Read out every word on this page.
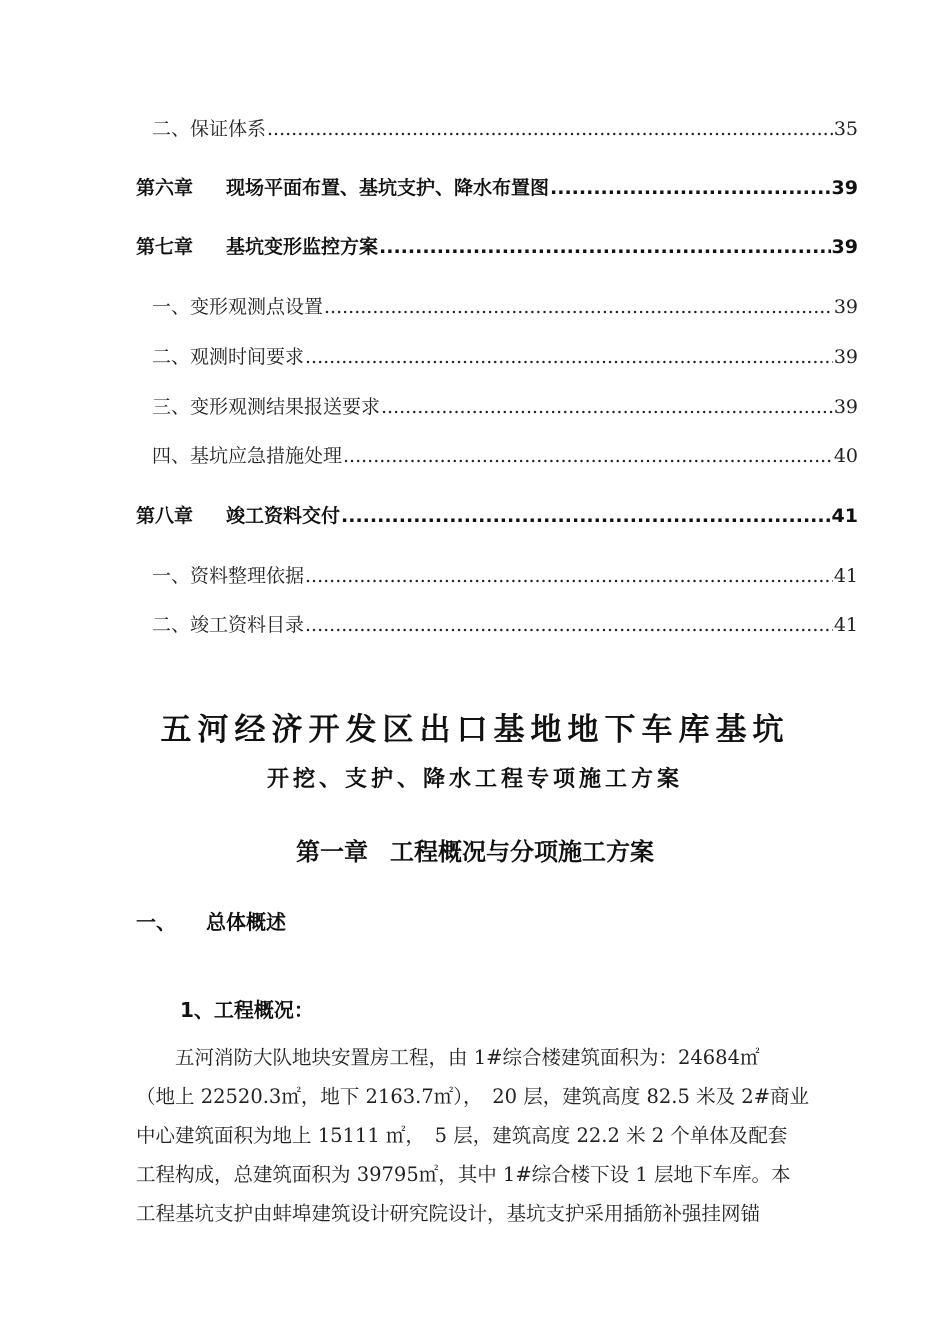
二、保证体系 .....	35
第六章 现场平面布置、基坑支护、降水布置图 .....	39
第七章 基坑变形监控方案 .....	39
一、变形观测点设置 .....	39
二、观测时间要求 .....	39
三、变形观测结果报送要求 .....	39
四、基坑应急措施处理 .....	40
第八章 竣工资料交付 .....	41
一、资料整理依据 .....	41
二、竣工资料目录 .....	41
五河经济开发区出口基地地下车库基坑
开挖、支护、降水工程专项施工方案
第一章 工程概况与分项施工方案
一、 总体概述
1、工程概况：
　　五河消防大队地块安置房工程，由 1#综合楼建筑面积为：24684㎡
（地上 22520.3㎡，地下 2163.7㎡），　20 层，建筑高度 82.5 米及 2#商业
中心建筑面积为地上 15111 ㎡，　5 层，建筑高度 22.2 米 2 个单体及配套
工程构成，总建筑面积为 39795㎡，其中 1#综合楼下设 1 层地下车库。本
工程基坑支护由蚌埠建筑设计研究院设计，基坑支护采用插筋补强挂网锚
